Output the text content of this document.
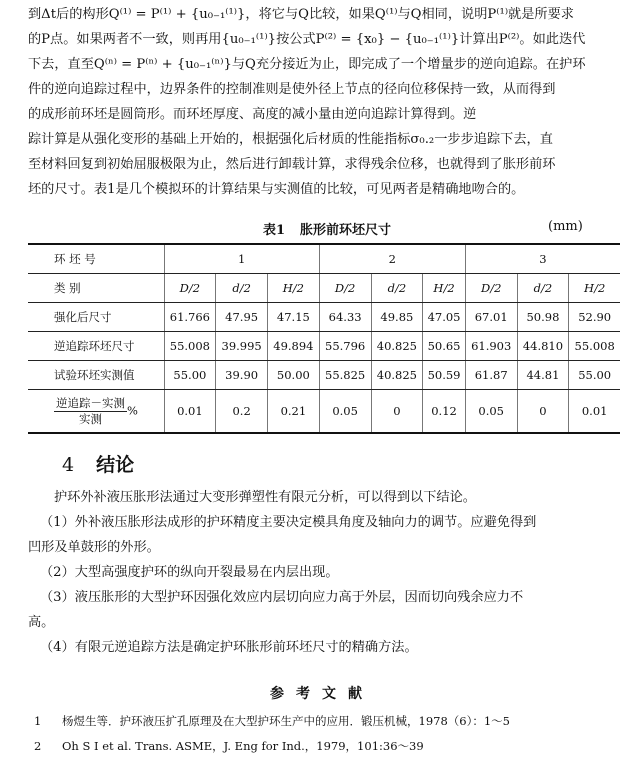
到Δt后的构形Q⁽¹⁾ = P⁽¹⁾ + {u₀₋₁⁽¹⁾}，将它与Q比较，如果Q⁽¹⁾与Q相同，说明P⁽¹⁾就是所要求
的P点。如果两者不一致，则再用{u₀₋₁⁽¹⁾}按公式P⁽²⁾ = {x₀} − {u₀₋₁⁽¹⁾}计算出P⁽²⁾。如此迭代
下去，直至Q⁽ⁿ⁾ = P⁽ⁿ⁾ + {u₀₋₁⁽ⁿ⁾}与Q充分接近为止，即完成了一个增量步的逆向追踪。在护环
件的逆向追踪过程中，边界条件的控制准则是使外径上节点的径向位移保持一致，从而得到
的成形前环坯是圆筒形。而环坯厚度、高度的减小量由逆向追踪计算得到。逆
踪计算是从强化变形的基础上开始的，根据强化后材质的性能指标σ₀.₂一步步追踪下去，直
至材料回复到初始屈服极限为止，然后进行卸载计算，求得残余位移，也就得到了胀形前环
坯的尺寸。表1是几个模拟环的计算结果与实测值的比较，可见两者是精确地吻合的。
表1 胀形前环坯尺寸	(mm)
环 坯 号	1			2			3		
类 别	D/2	d/2	H/2	D/2	d/2	H/2	D/2	d/2	H/2
强化后尺寸	61.766	47.95	47.15	64.33	49.85	47.05	67.01	50.98	52.90
逆追踪环坯尺寸	55.008	39.995	49.894	55.796	40.825	50.65	61.903	44.810	55.008
试验环坯实测值	55.00	39.90	50.00	55.825	40.825	50.59	61.87	44.81	55.00

$\frac{\text{逆追踪－实测}}{\text{实测}}$ %	0.01	0.2	0.21	0.05	0	0.12	0.05	0	0.01
4 结论
护环外补液压胀形法通过大变形弹塑性有限元分析，可以得到以下结论。
（1）外补液压胀形法成形的护环精度主要决定模具角度及轴向力的调节。应避免得到
凹形及单鼓形的外形。
（2）大型高强度护环的纵向开裂最易在内层出现。
（3）液压胀形的大型护环因强化效应内层切向应力高于外层，因而切向残余应力不
高。
（4）有限元逆追踪方法是确定护环胀形前环坯尺寸的精确方法。
参考文献
1 杨煜生等．护环液压扩孔原理及在大型护环生产中的应用．锻压机械，1978（6）：1～5
2 Oh S I et al. Trans. ASME，J. Eng for Ind.，1979，101:36～39
